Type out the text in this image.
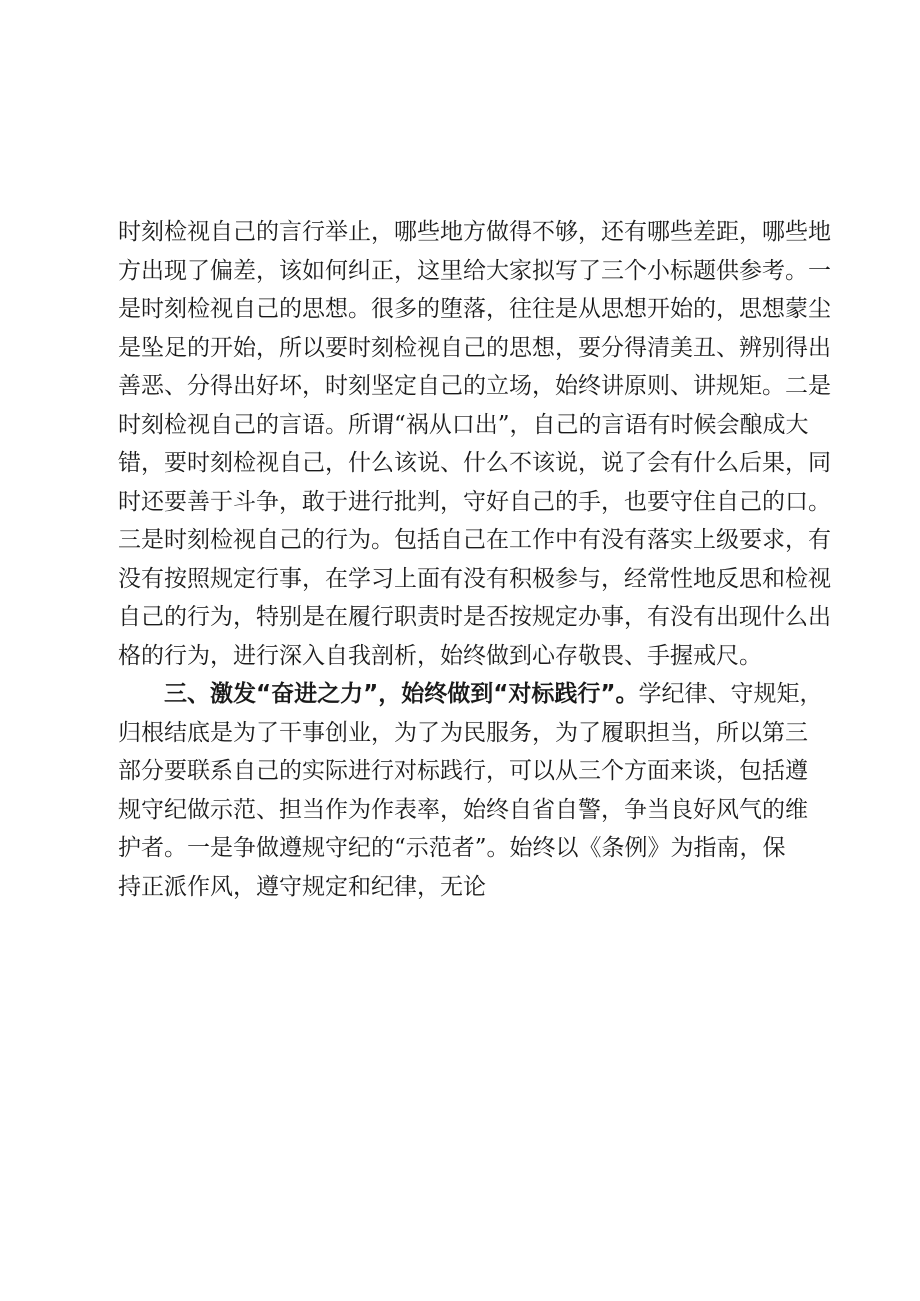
时刻检视自己的言行举止，哪些地方做得不够，还有哪些差距，哪些地
方出现了偏差，该如何纠正，这里给大家拟写了三个小标题供参考。一
是时刻检视自己的思想。很多的堕落，往往是从思想开始的，思想蒙尘
是坠足的开始，所以要时刻检视自己的思想，要分得清美丑、辨别得出
善恶、分得出好坏，时刻坚定自己的立场，始终讲原则、讲规矩。二是
时刻检视自己的言语。所谓“祸从口出”，自己的言语有时候会酿成大
错，要时刻检视自己，什么该说、什么不该说，说了会有什么后果，同
时还要善于斗争，敢于进行批判，守好自己的手，也要守住自己的口。
三是时刻检视自己的行为。包括自己在工作中有没有落实上级要求，有
没有按照规定行事，在学习上面有没有积极参与，经常性地反思和检视
自己的行为，特别是在履行职责时是否按规定办事，有没有出现什么出
格的行为，进行深入自我剖析，始终做到心存敬畏、手握戒尺。
三、激发“奋进之力”，始终做到“对标践行”。学纪律、守规矩，
归根结底是为了干事创业，为了为民服务，为了履职担当，所以第三
部分要联系自己的实际进行对标践行，可以从三个方面来谈，包括遵
规守纪做示范、担当作为作表率，始终自省自警，争当良好风气的维
护者。一是争做遵规守纪的“示范者”。始终以《条例》为指南，保
持正派作风，遵守规定和纪律，无论
